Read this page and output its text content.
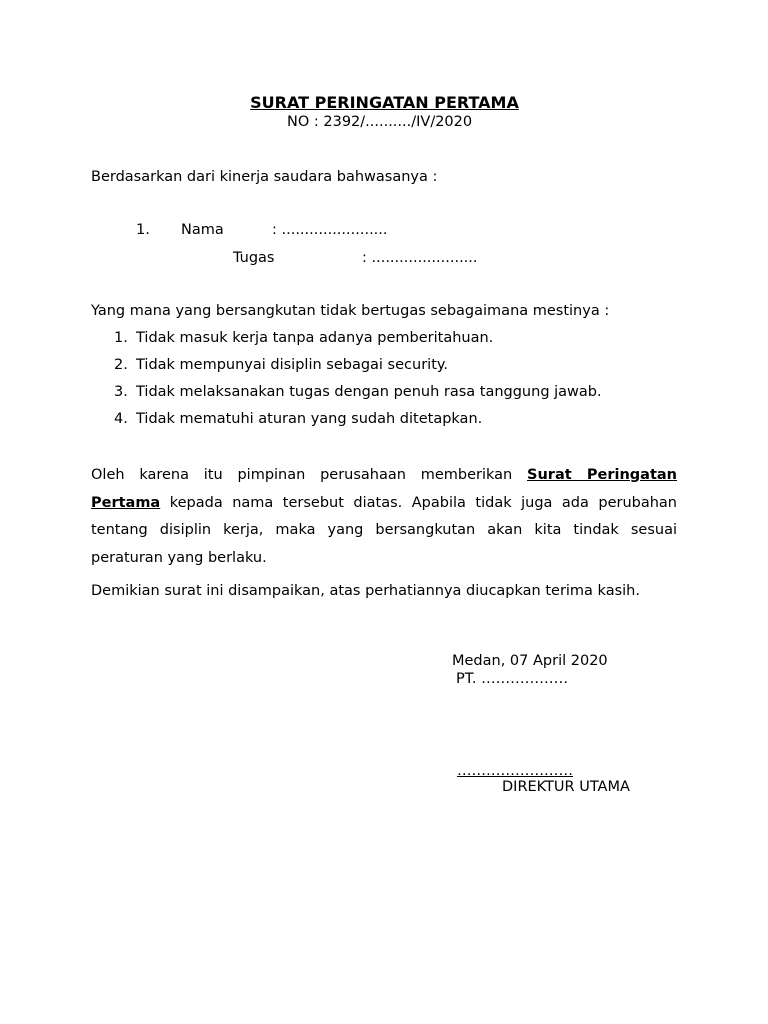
SURAT PERINGATAN PERTAMA
NO : 2392/........../IV/2020
Berdasarkan dari kinerja saudara bahwasanya :
1. Nama	: .......................
Tugas	: .......................
Yang mana yang bersangkutan tidak bertugas sebagaimana mestinya :
1. Tidak masuk kerja tanpa adanya pemberitahuan.
2. Tidak mempunyai disiplin sebagai security.
3. Tidak melaksanakan tugas dengan penuh rasa tanggung jawab.
4. Tidak mematuhi aturan yang sudah ditetapkan.
Oleh karena itu pimpinan perusahaan memberikan Surat Peringatan Pertama kepada nama tersebut diatas. Apabila tidak juga ada perubahan tentang disiplin kerja, maka yang bersangkutan akan kita tindak sesuai peraturan yang berlaku.
Demikian surat ini disampaikan, atas perhatiannya diucapkan terima kasih.
Medan, 07 April 2020
PT. ………………
……………………
DIREKTUR UTAMA
